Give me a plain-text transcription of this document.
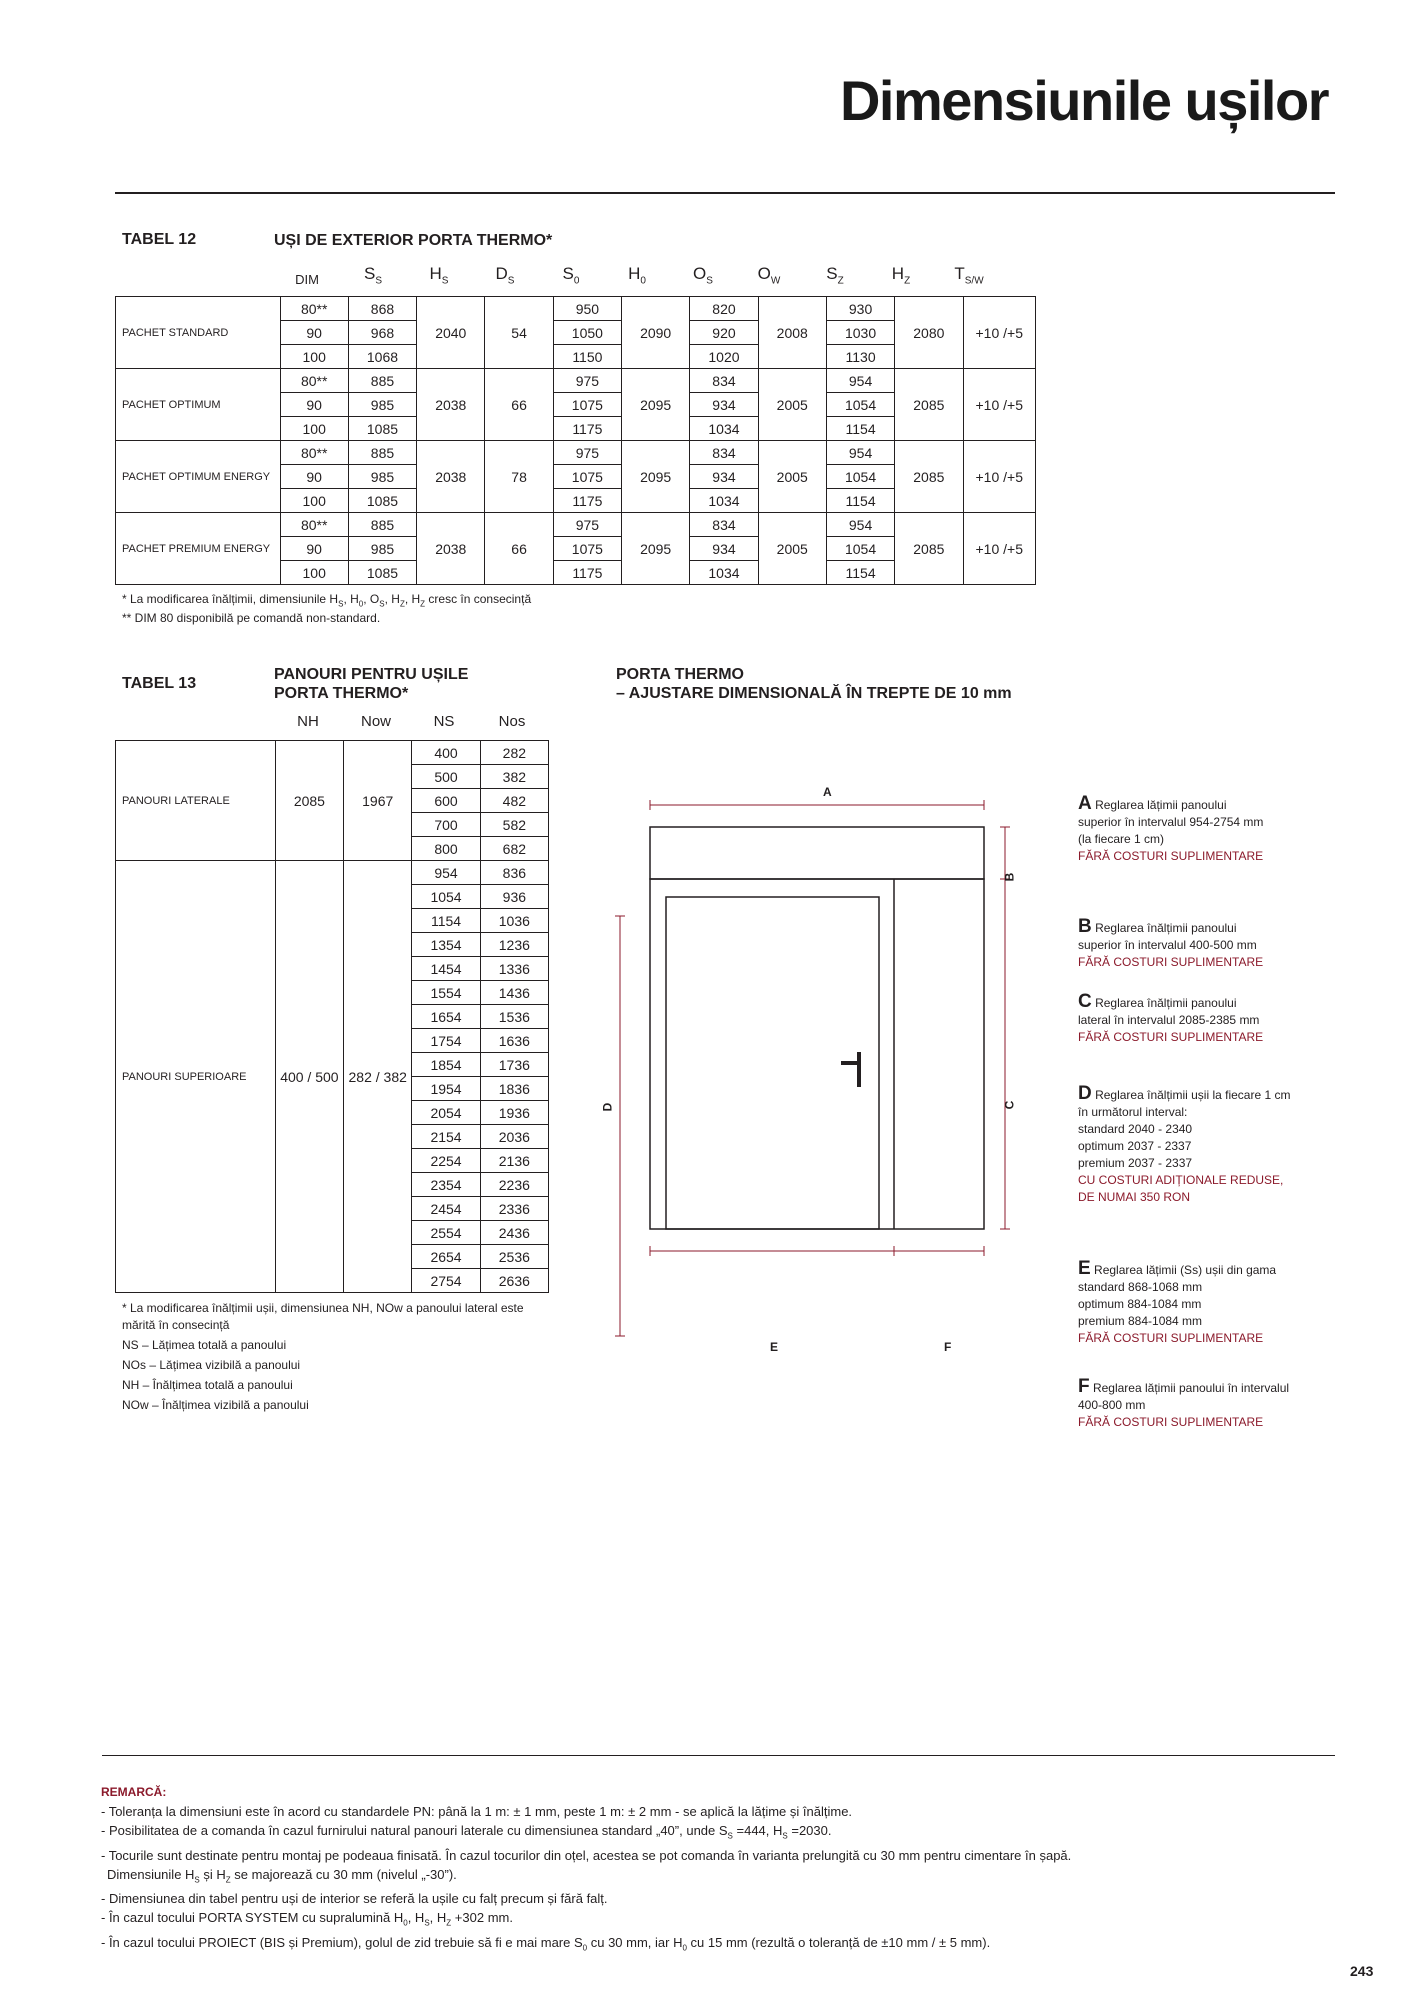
Dimensiunile ușilor
TABEL 12	UȘI DE EXTERIOR PORTA THERMO*
DIM	$S_S$	$H_S$	$D_S$	$S_0$	$H_0$	$O_S$	$O_W$	$S_Z$	$H_Z$	$T_{S/W}$
PACHET STANDARD	80**	868	2040	54	950	2090	820	2008	930	2080	+10 /+5
	90	968			1050		920		1030		
	100	1068			1150		1020		1130		
PACHET OPTIMUM	80**	885	2038	66	975	2095	834	2005	954	2085	+10 /+5
	90	985			1075		934		1054		
	100	1085			1175		1034		1154		
PACHET OPTIMUM ENERGY	80**	885	2038	78	975	2095	834	2005	954	2085	+10 /+5
	90	985			1075		934		1054		
	100	1085			1175		1034		1154		
PACHET PREMIUM ENERGY	80**	885	2038	66	975	2095	834	2005	954	2085	+10 /+5
	90	985			1075		934		1054		
	100	1085			1175		1034		1154		
* La modificarea înălțimii, dimensiunile $H_S$, $H_0$, $O_S$, $H_Z$, $H_Z$ cresc în consecință
** DIM 80 disponibilă pe comandă non-standard.
TABEL 13
PANOURI PENTRU UȘILE
PORTA THERMO*
NH	Now	NS	Nos
PANOURI LATERALE	2085	1967	400	282
			500	382
			600	482
			700	582
			800	682
PANOURI SUPERIOARE	400 / 500	282 / 382	954	836
			1054	936
			1154	1036
			1354	1236
			1454	1336
			1554	1436
			1654	1536
			1754	1636
			1854	1736
			1954	1836
			2054	1936
			2154	2036
			2254	2136
			2354	2236
			2454	2336
			2554	2436
			2654	2536
			2754	2636
* La modificarea înălțimii ușii, dimensiunea NH, NOw a panoului lateral este
mărită în consecință
NS – Lățimea totală a panoului
NOs – Lățimea vizibilă a panoului
NH – Înălțimea totală a panoului
NOw – Înălțimea vizibilă a panoului
PORTA THERMO
– AJUSTARE DIMENSIONALĂ ÎN TREPTE DE 10 mm
A
B
C
D
E	F
A Reglarea lățimii panoului
superior în intervalul 954-2754 mm
(la fiecare 1 cm)
FĂRĂ COSTURI SUPLIMENTARE
B Reglarea înălțimii panoului
superior în intervalul 400-500 mm
FĂRĂ COSTURI SUPLIMENTARE
C Reglarea înălțimii panoului
lateral în intervalul 2085-2385 mm
FĂRĂ COSTURI SUPLIMENTARE
D Reglarea înălțimii ușii la fiecare 1 cm
în următorul interval:
standard 2040 - 2340
optimum 2037 - 2337
premium 2037 - 2337
CU COSTURI ADIȚIONALE REDUSE,
DE NUMAI 350 RON
E Reglarea lățimii (Ss) ușii din gama
standard 868-1068 mm
optimum 884-1084 mm
premium 884-1084 mm
FĂRĂ COSTURI SUPLIMENTARE
F Reglarea lățimii panoului în intervalul
400-800 mm
FĂRĂ COSTURI SUPLIMENTARE
REMARCĂ:
- Toleranța la dimensiuni este în acord cu standardele PN: până la 1 m: ± 1 mm, peste 1 m: ± 2 mm - se aplică la lățime și înălțime.
- Posibilitatea de a comanda în cazul furnirului natural panouri laterale cu dimensiunea standard „40”, unde $S_S =444$, $H_S =2030$.
- Tocurile sunt destinate pentru montaj pe podeaua finisată. În cazul tocurilor din oțel, acestea se pot comanda în varianta prelungită cu 30 mm pentru cimentare în șapă.
Dimensiunile $H_S$ și $H_Z$ se majorează cu 30 mm (nivelul „-30”).
- Dimensiunea din tabel pentru uși de interior se referă la ușile cu falț precum și fără falț.
- În cazul tocului PORTA SYSTEM cu supralumină $H_0$, $H_S$, $H_Z +302$ mm.
- În cazul tocului PROIECT (BIS și Premium), golul de zid trebuie să fi e mai mare $S_0$ cu 30 mm, iar $H_0$ cu 15 mm (rezultă o toleranță de ±10 mm / ± 5 mm).
243
